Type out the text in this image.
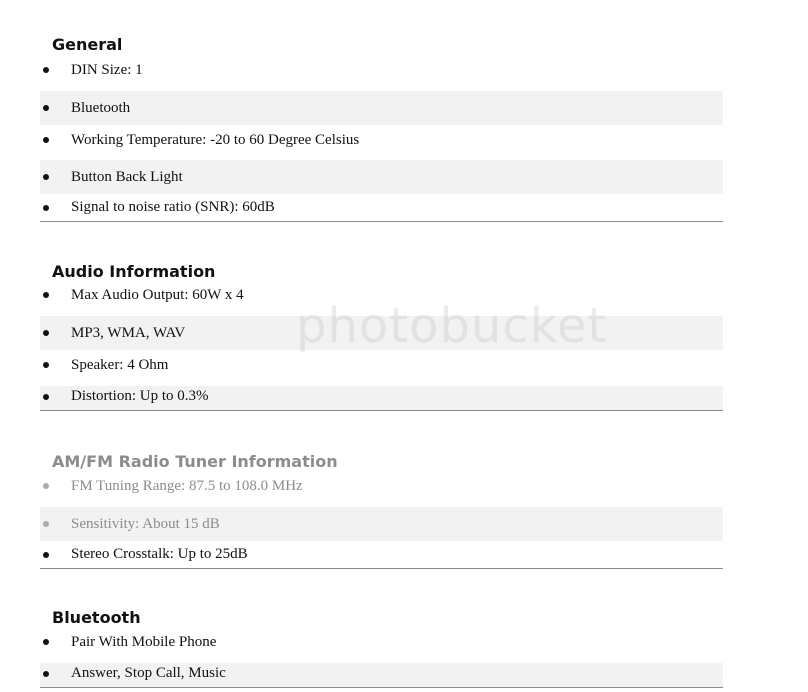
General
DIN Size: 1
Bluetooth
Working Temperature: -20 to 60 Degree Celsius
Button Back Light
Signal to noise ratio (SNR): 60dB
Audio Information
Max Audio Output: 60W x 4
MP3, WMA, WAV
Speaker: 4 Ohm
Distortion: Up to 0.3%
AM/FM Radio Tuner Information
FM Tuning Range: 87.5 to 108.0 MHz
Sensitivity: About 15 dB
Stereo Crosstalk: Up to 25dB
Bluetooth
Pair With Mobile Phone
Answer, Stop Call, Music
photobucket
